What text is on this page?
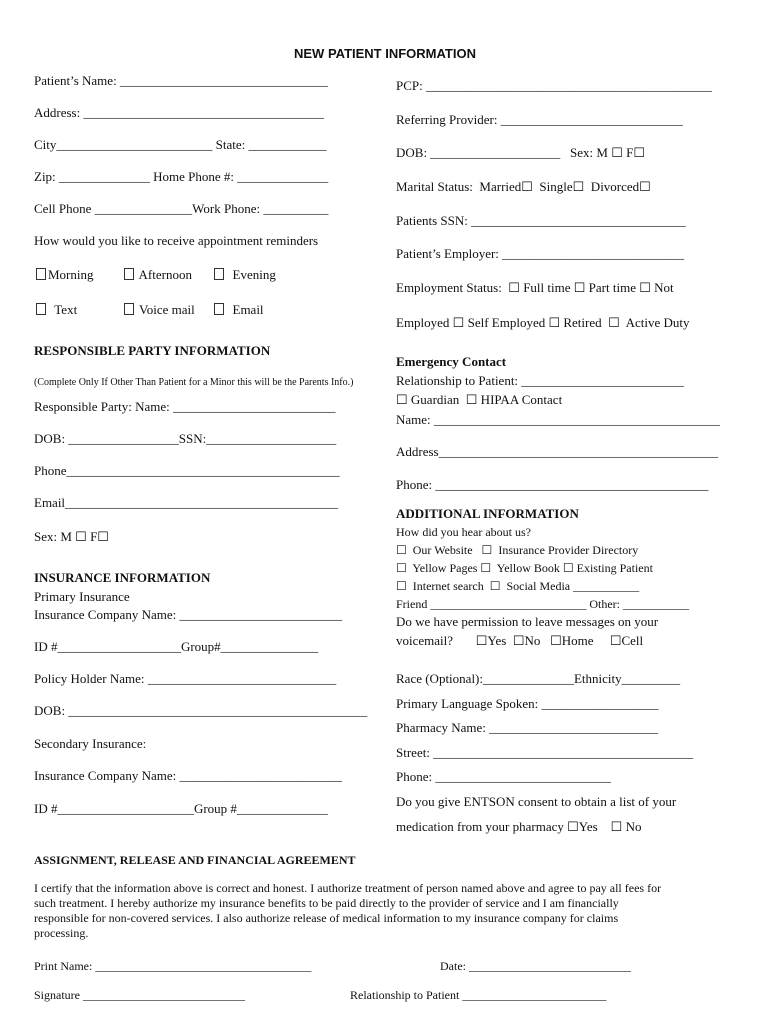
NEW PATIENT INFORMATION
Patient’s Name: ________________________________
Address: _____________________________________
City________________________ State: ____________
Zip: ______________ Home Phone #: ______________
Cell Phone _______________Work Phone: __________
How would you like to receive appointment reminders
Morning	Afternoon	Evening
Text	Voice mail	Email
RESPONSIBLE PARTY INFORMATION
(Complete Only If Other Than Patient for a Minor this will be the Parents Info.)
Responsible Party: Name: _________________________
DOB: _________________SSN:____________________
Phone__________________________________________
Email__________________________________________
Sex: M ☐ F☐
INSURANCE INFORMATION
Primary Insurance
Insurance Company Name: _________________________
ID #___________________Group#_______________
Policy Holder Name: _____________________________
DOB: ______________________________________________
Secondary Insurance:
Insurance Company Name: _________________________
ID #_____________________Group #______________
PCP: ____________________________________________
Referring Provider: ____________________________
DOB: ____________________   Sex: M ☐ F☐
Marital Status:  Married☐  Single☐  Divorced☐
Patients SSN: _________________________________
Patient’s Employer: ____________________________
Employment Status:  ☐ Full time ☐ Part time ☐ Not
Employed ☐ Self Employed ☐ Retired  ☐  Active Duty
Emergency Contact
Relationship to Patient: _________________________
☐ Guardian  ☐ HIPAA Contact
Name: ____________________________________________
Address___________________________________________
Phone: __________________________________________
ADDITIONAL INFORMATION
How did you hear about us?
☐  Our Website   ☐  Insurance Provider Directory
☐  Yellow Pages ☐  Yellow Book ☐ Existing Patient
☐  Internet search  ☐  Social Media ___________
Friend __________________________ Other: ___________
Do we have permission to leave messages on your
voicemail?       ☐Yes  ☐No   ☐Home     ☐Cell
Race (Optional):______________Ethnicity_________
Primary Language Spoken: __________________
Pharmacy Name: __________________________
Street: ________________________________________
Phone: ___________________________
Do you give ENTSON consent to obtain a list of your
medication from your pharmacy ☐Yes    ☐ No
ASSIGNMENT, RELEASE AND FINANCIAL AGREEMENT
I certify that the information above is correct and honest. I authorize treatment of person named above and agree to pay all fees for such treatment. I hereby authorize my insurance benefits to be paid directly to the provider of service and I am financially responsible for non-covered services. I also authorize release of medical information to my insurance company for claims processing.
Print Name: ____________________________________	Date: ___________________________
Signature ___________________________	Relationship to Patient ________________________
